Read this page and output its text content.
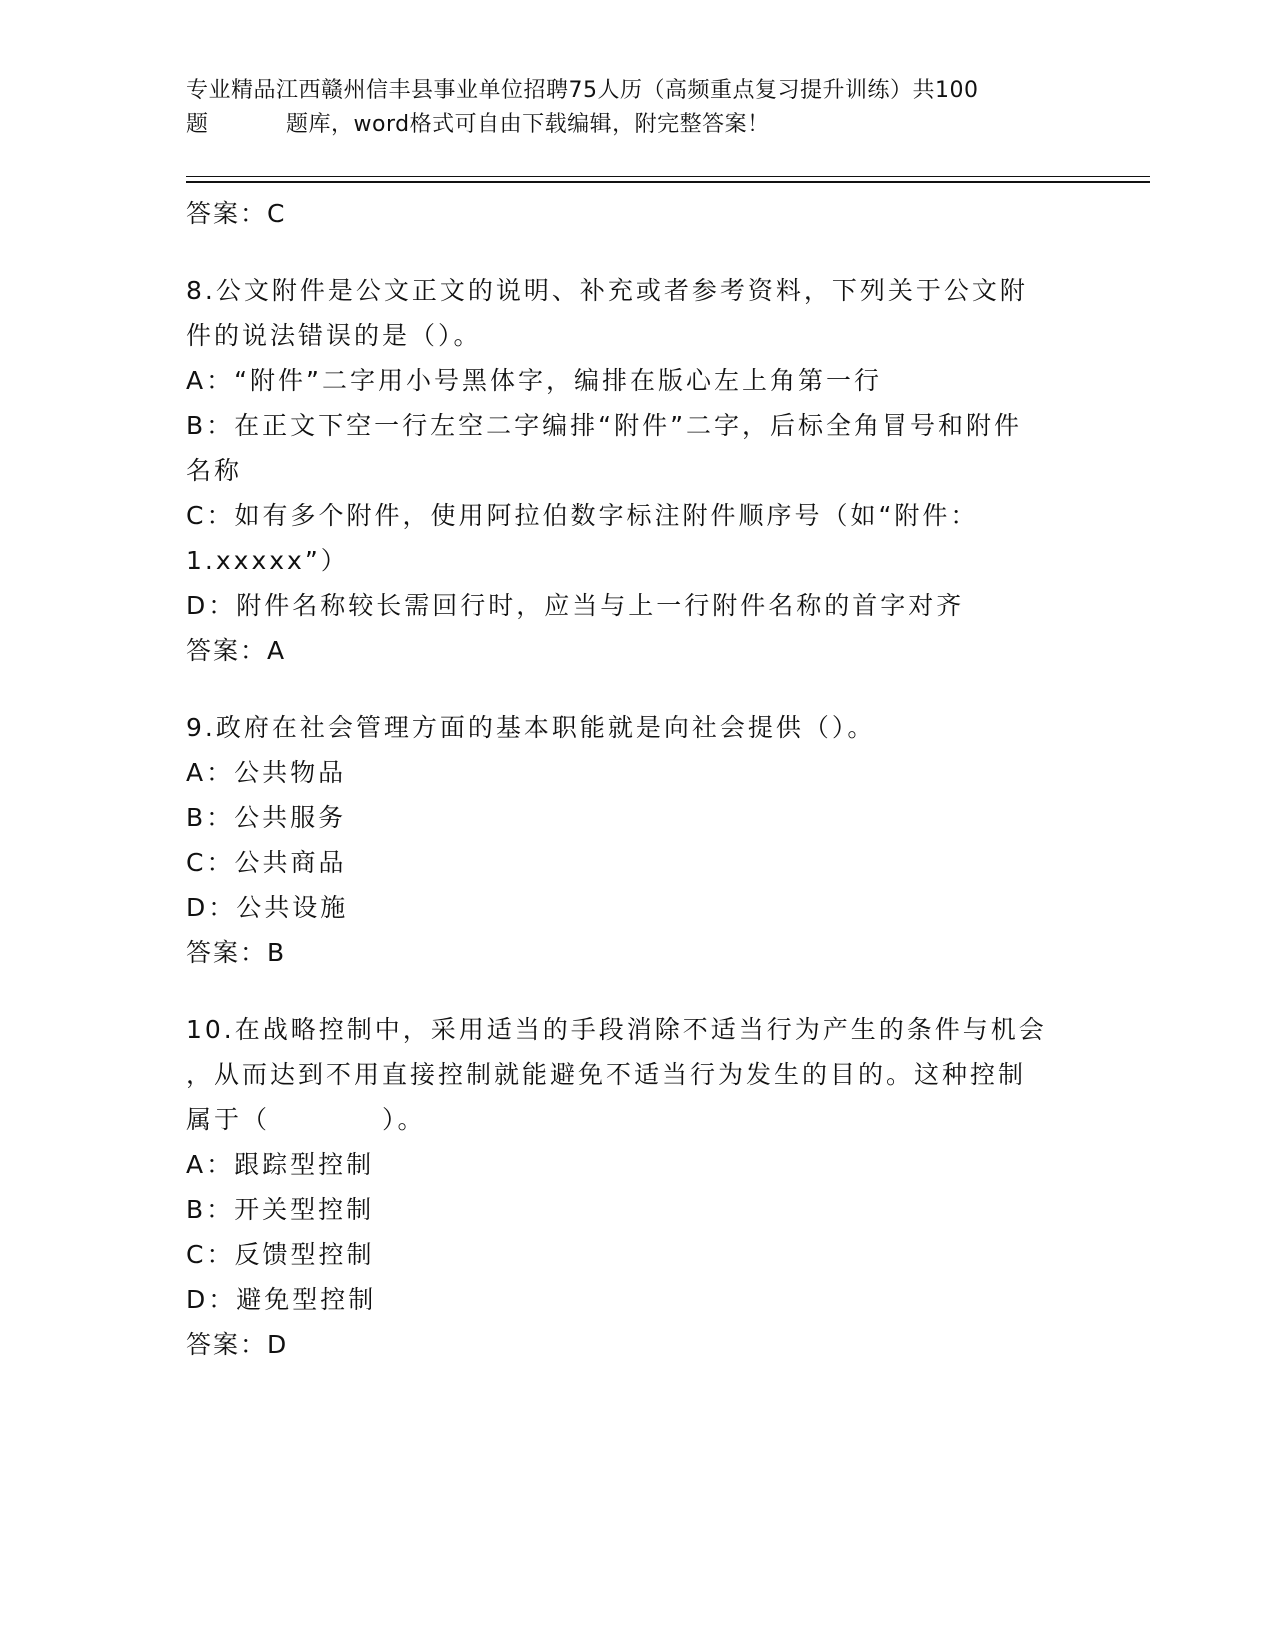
专业精品江西赣州信丰县事业单位招聘75人历（高频重点复习提升训练）共100
题	题库，word格式可自由下载编辑，附完整答案！
答案：C
8.公文附件是公文正文的说明、补充或者参考资料，下列关于公文附
件的说法错误的是（）。
A：“附件”二字用小号黑体字，编排在版心左上角第一行
B：在正文下空一行左空二字编排“附件”二字，后标全角冒号和附件
名称
C：如有多个附件，使用阿拉伯数字标注附件顺序号（如“附件：
1.xxxxx”）
D：附件名称较长需回行时，应当与上一行附件名称的首字对齐
答案：A
9.政府在社会管理方面的基本职能就是向社会提供（）。
A：公共物品
B：公共服务
C：公共商品
D：公共设施
答案：B
10.在战略控制中，采用适当的手段消除不适当行为产生的条件与机会
，从而达到不用直接控制就能避免不适当行为发生的目的。这种控制
属于（　　　　）。
A：跟踪型控制
B：开关型控制
C：反馈型控制
D：避免型控制
答案：D
